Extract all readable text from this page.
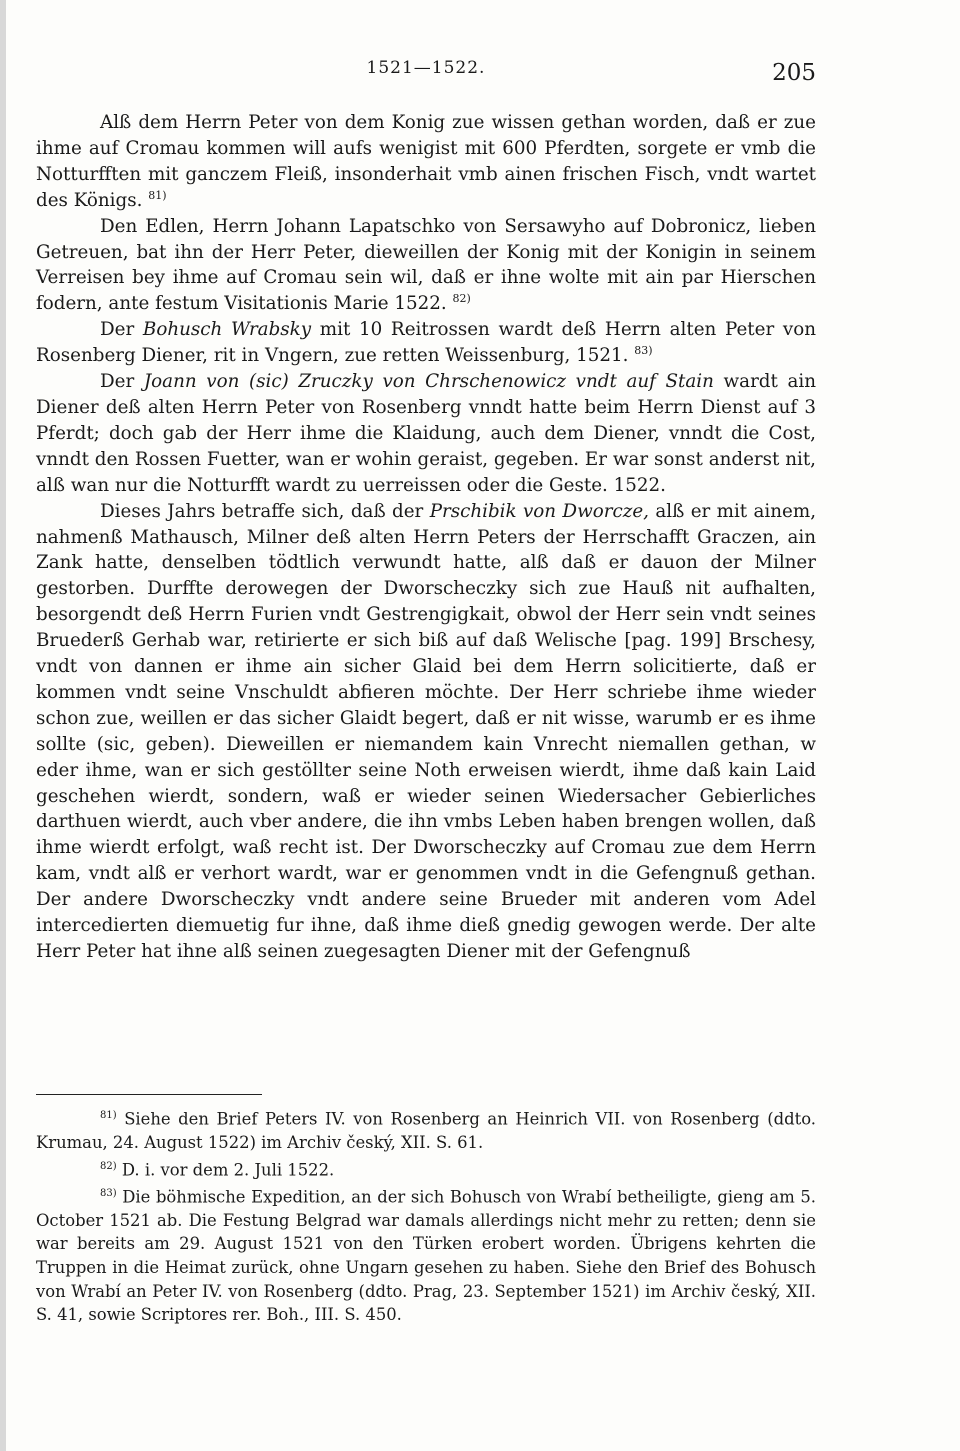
1521—1522.	205

Alß dem Herrn Peter von dem Konig zue wissen gethan worden, daß er zue ihme auf Cromau kommen will aufs wenigist mit 600 Pferdten, sorgete er vmb die Notturfften mit ganczem Fleiß, insonderhait vmb ainen frischen Fisch, vndt wartet des Königs. $^{81)}$

Den Edlen, Herrn Johann Lapatschko von Sersawyho auf Dobronicz, lieben Getreuen, bat ihn der Herr Peter, dieweillen der Konig mit der Konigin in seinem Verreisen bey ihme auf Cromau sein wil, daß er ihne wolte mit ain par Hierschen fodern, ante festum Visitationis Marie 1522. $^{82)}$

Der Bohusch Wrabsky mit 10 Reitrossen wardt deß Herrn alten Peter von Rosenberg Diener, rit in Vngern, zue retten Weissenburg, 1521. $^{83)}$

Der Joann von (sic) Zruczky von Chrschenowicz vndt auf Stain wardt ain Diener deß alten Herrn Peter von Rosenberg vnndt hatte beim Herrn Dienst auf 3 Pferdt; doch gab der Herr ihme die Klaidung, auch dem Diener, vnndt die Cost, vnndt den Rossen Fuetter, wan er wohin geraist, gegeben. Er war sonst anderst nit, alß wan nur die Notturfft wardt zu uerreissen oder die Geste. 1522.

Dieses Jahrs betraffe sich, daß der Prschibik von Dworcze, alß er mit ainem, nahmenß Mathausch, Milner deß alten Herrn Peters der Herrschafft Graczen, ain Zank hatte, denselben tödtlich verwundt hatte, alß daß er dauon der Milner gestorben. Durffte derowegen der Dworscheczky sich zue Hauß nit aufhalten, besorgendt deß Herrn Furien vndt Gestrengigkait, obwol der Herr sein vndt seines Bruederß Gerhab war, retirierte er sich biß auf daß Welische [pag. 199] Brschesy, vndt von dannen er ihme ain sicher Glaid bei dem Herrn solicitierte, daß er kommen vndt seine Vnschuldt abfieren möchte. Der Herr schriebe ihme wieder schon zue, weillen er das sicher Glaidt begert, daß er nit wisse, warumb er es ihme sollte (sic, geben). Dieweillen er niemandem kain Vnrecht niemallen gethan, w eder ihme, wan er sich gestöllter seine Noth erweisen wierdt, ihme daß kain Laid geschehen wierdt, sondern, waß er wieder seinen Wiedersacher Gebierliches darthuen wierdt, auch vber andere, die ihn vmbs Leben haben brengen wollen, daß ihme wierdt erfolgt, waß recht ist. Der Dworscheczky auf Cromau zue dem Herrn kam, vndt alß er verhort wardt, war er genommen vndt in die Gefengnuß gethan. Der andere Dworscheczky vndt andere seine Brueder mit anderen vom Adel intercedierten diemuetig fur ihne, daß ihme dieß gnedig gewogen werde. Der alte Herr Peter hat ihne alß seinen zuegesagten Diener mit der Gefengnuß

$^{81)}$ Siehe den Brief Peters IV. von Rosenberg an Heinrich VII. von Rosenberg (ddto. Krumau, 24. August 1522) im Archiv český, XII. S. 61.

$^{82)}$ D. i. vor dem 2. Juli 1522.

$^{83)}$ Die böhmische Expedition, an der sich Bohusch von Wrabí betheiligte, gieng am 5. October 1521 ab. Die Festung Belgrad war damals allerdings nicht mehr zu retten; denn sie war bereits am 29. August 1521 von den Türken erobert worden. Übrigens kehrten die Truppen in die Heimat zurück, ohne Ungarn gesehen zu haben. Siehe den Brief des Bohusch von Wrabí an Peter IV. von Rosenberg (ddto. Prag, 23. September 1521) im Archiv český, XII. S. 41, sowie Scriptores rer. Boh., III. S. 450.
